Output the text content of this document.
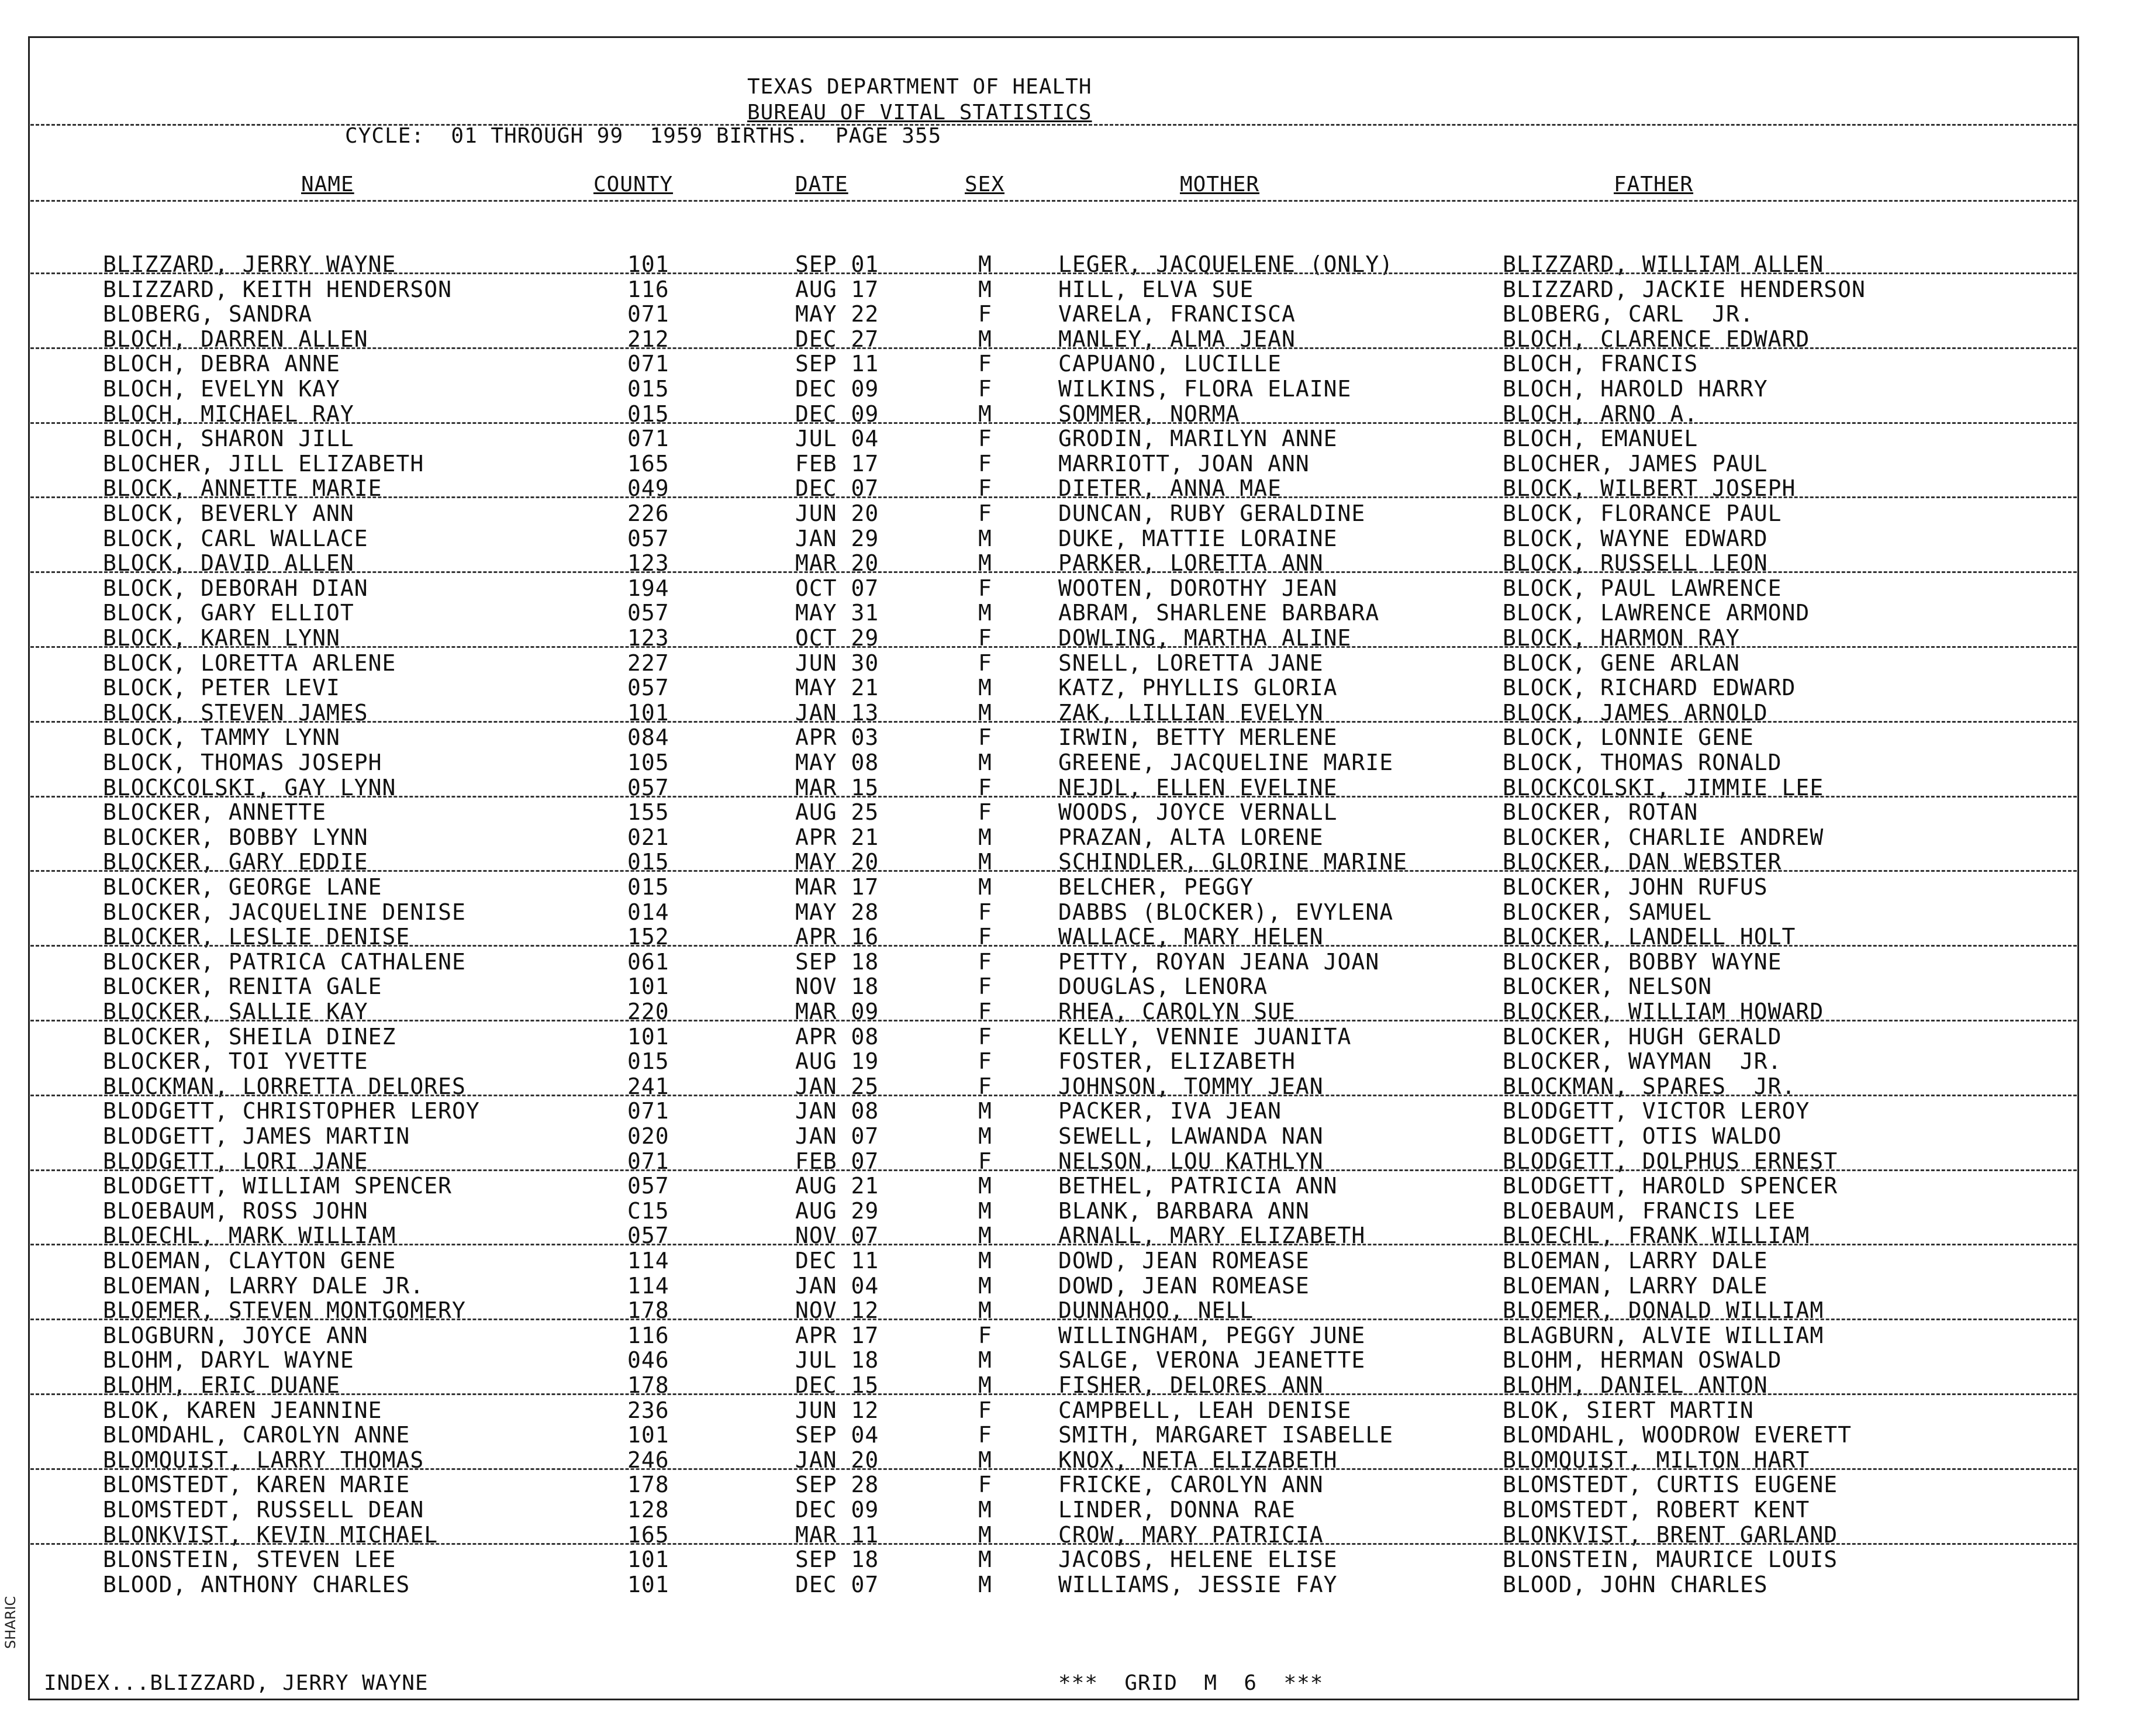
TEXAS DEPARTMENT OF HEALTH
BUREAU OF VITAL STATISTICS
CYCLE:  01 THROUGH 99  1959 BIRTHS.  PAGE 355
NAME	COUNTY	DATE	SEX	MOTHER	FATHER
BLIZZARD, JERRY WAYNE	101	SEP 01	M	LEGER, JACQUELENE (ONLY)	BLIZZARD, WILLIAM ALLEN
BLIZZARD, KEITH HENDERSON	116	AUG 17	M	HILL, ELVA SUE	BLIZZARD, JACKIE HENDERSON
BLOBERG, SANDRA	071	MAY 22	F	VARELA, FRANCISCA	BLOBERG, CARL  JR.
BLOCH, DARREN ALLEN	212	DEC 27	M	MANLEY, ALMA JEAN	BLOCH, CLARENCE EDWARD
BLOCH, DEBRA ANNE	071	SEP 11	F	CAPUANO, LUCILLE	BLOCH, FRANCIS
BLOCH, EVELYN KAY	015	DEC 09	F	WILKINS, FLORA ELAINE	BLOCH, HAROLD HARRY
BLOCH, MICHAEL RAY	015	DEC 09	M	SOMMER, NORMA	BLOCH, ARNO A.
BLOCH, SHARON JILL	071	JUL 04	F	GRODIN, MARILYN ANNE	BLOCH, EMANUEL
BLOCHER, JILL ELIZABETH	165	FEB 17	F	MARRIOTT, JOAN ANN	BLOCHER, JAMES PAUL
BLOCK, ANNETTE MARIE	049	DEC 07	F	DIETER, ANNA MAE	BLOCK, WILBERT JOSEPH
BLOCK, BEVERLY ANN	226	JUN 20	F	DUNCAN, RUBY GERALDINE	BLOCK, FLORANCE PAUL
BLOCK, CARL WALLACE	057	JAN 29	M	DUKE, MATTIE LORAINE	BLOCK, WAYNE EDWARD
BLOCK, DAVID ALLEN	123	MAR 20	M	PARKER, LORETTA ANN	BLOCK, RUSSELL LEON
BLOCK, DEBORAH DIAN	194	OCT 07	F	WOOTEN, DOROTHY JEAN	BLOCK, PAUL LAWRENCE
BLOCK, GARY ELLIOT	057	MAY 31	M	ABRAM, SHARLENE BARBARA	BLOCK, LAWRENCE ARMOND
BLOCK, KAREN LYNN	123	OCT 29	F	DOWLING, MARTHA ALINE	BLOCK, HARMON RAY
BLOCK, LORETTA ARLENE	227	JUN 30	F	SNELL, LORETTA JANE	BLOCK, GENE ARLAN
BLOCK, PETER LEVI	057	MAY 21	M	KATZ, PHYLLIS GLORIA	BLOCK, RICHARD EDWARD
BLOCK, STEVEN JAMES	101	JAN 13	M	ZAK, LILLIAN EVELYN	BLOCK, JAMES ARNOLD
BLOCK, TAMMY LYNN	084	APR 03	F	IRWIN, BETTY MERLENE	BLOCK, LONNIE GENE
BLOCK, THOMAS JOSEPH	105	MAY 08	M	GREENE, JACQUELINE MARIE	BLOCK, THOMAS RONALD
BLOCKCOLSKI, GAY LYNN	057	MAR 15	F	NEJDL, ELLEN EVELINE	BLOCKCOLSKI, JIMMIE LEE
BLOCKER, ANNETTE	155	AUG 25	F	WOODS, JOYCE VERNALL	BLOCKER, ROTAN
BLOCKER, BOBBY LYNN	021	APR 21	M	PRAZAN, ALTA LORENE	BLOCKER, CHARLIE ANDREW
BLOCKER, GARY EDDIE	015	MAY 20	M	SCHINDLER, GLORINE MARINE	BLOCKER, DAN WEBSTER
BLOCKER, GEORGE LANE	015	MAR 17	M	BELCHER, PEGGY	BLOCKER, JOHN RUFUS
BLOCKER, JACQUELINE DENISE	014	MAY 28	F	DABBS (BLOCKER), EVYLENA	BLOCKER, SAMUEL
BLOCKER, LESLIE DENISE	152	APR 16	F	WALLACE, MARY HELEN	BLOCKER, LANDELL HOLT
BLOCKER, PATRICA CATHALENE	061	SEP 18	F	PETTY, ROYAN JEANA JOAN	BLOCKER, BOBBY WAYNE
BLOCKER, RENITA GALE	101	NOV 18	F	DOUGLAS, LENORA	BLOCKER, NELSON
BLOCKER, SALLIE KAY	220	MAR 09	F	RHEA, CAROLYN SUE	BLOCKER, WILLIAM HOWARD
BLOCKER, SHEILA DINEZ	101	APR 08	F	KELLY, VENNIE JUANITA	BLOCKER, HUGH GERALD
BLOCKER, TOI YVETTE	015	AUG 19	F	FOSTER, ELIZABETH	BLOCKER, WAYMAN  JR.
BLOCKMAN, LORRETTA DELORES	241	JAN 25	F	JOHNSON, TOMMY JEAN	BLOCKMAN, SPARES  JR.
BLODGETT, CHRISTOPHER LEROY	071	JAN 08	M	PACKER, IVA JEAN	BLODGETT, VICTOR LEROY
BLODGETT, JAMES MARTIN	020	JAN 07	M	SEWELL, LAWANDA NAN	BLODGETT, OTIS WALDO
BLODGETT, LORI JANE	071	FEB 07	F	NELSON, LOU KATHLYN	BLODGETT, DOLPHUS ERNEST
BLODGETT, WILLIAM SPENCER	057	AUG 21	M	BETHEL, PATRICIA ANN	BLODGETT, HAROLD SPENCER
BLOEBAUM, ROSS JOHN	C15	AUG 29	M	BLANK, BARBARA ANN	BLOEBAUM, FRANCIS LEE
BLOECHL, MARK WILLIAM	057	NOV 07	M	ARNALL, MARY ELIZABETH	BLOECHL, FRANK WILLIAM
BLOEMAN, CLAYTON GENE	114	DEC 11	M	DOWD, JEAN ROMEASE	BLOEMAN, LARRY DALE
BLOEMAN, LARRY DALE JR.	114	JAN 04	M	DOWD, JEAN ROMEASE	BLOEMAN, LARRY DALE
BLOEMER, STEVEN MONTGOMERY	178	NOV 12	M	DUNNAHOO, NELL	BLOEMER, DONALD WILLIAM
BLOGBURN, JOYCE ANN	116	APR 17	F	WILLINGHAM, PEGGY JUNE	BLAGBURN, ALVIE WILLIAM
BLOHM, DARYL WAYNE	046	JUL 18	M	SALGE, VERONA JEANETTE	BLOHM, HERMAN OSWALD
BLOHM, ERIC DUANE	178	DEC 15	M	FISHER, DELORES ANN	BLOHM, DANIEL ANTON
BLOK, KAREN JEANNINE	236	JUN 12	F	CAMPBELL, LEAH DENISE	BLOK, SIERT MARTIN
BLOMDAHL, CAROLYN ANNE	101	SEP 04	F	SMITH, MARGARET ISABELLE	BLOMDAHL, WOODROW EVERETT
BLOMQUIST, LARRY THOMAS	246	JAN 20	M	KNOX, NETA ELIZABETH	BLOMQUIST, MILTON HART
BLOMSTEDT, KAREN MARIE	178	SEP 28	F	FRICKE, CAROLYN ANN	BLOMSTEDT, CURTIS EUGENE
BLOMSTEDT, RUSSELL DEAN	128	DEC 09	M	LINDER, DONNA RAE	BLOMSTEDT, ROBERT KENT
BLONKVIST, KEVIN MICHAEL	165	MAR 11	M	CROW, MARY PATRICIA	BLONKVIST, BRENT GARLAND
BLONSTEIN, STEVEN LEE	101	SEP 18	M	JACOBS, HELENE ELISE	BLONSTEIN, MAURICE LOUIS
BLOOD, ANTHONY CHARLES	101	DEC 07	M	WILLIAMS, JESSIE FAY	BLOOD, JOHN CHARLES
INDEX...BLIZZARD, JERRY WAYNE	***  GRID  M  6  ***
SHARIC
